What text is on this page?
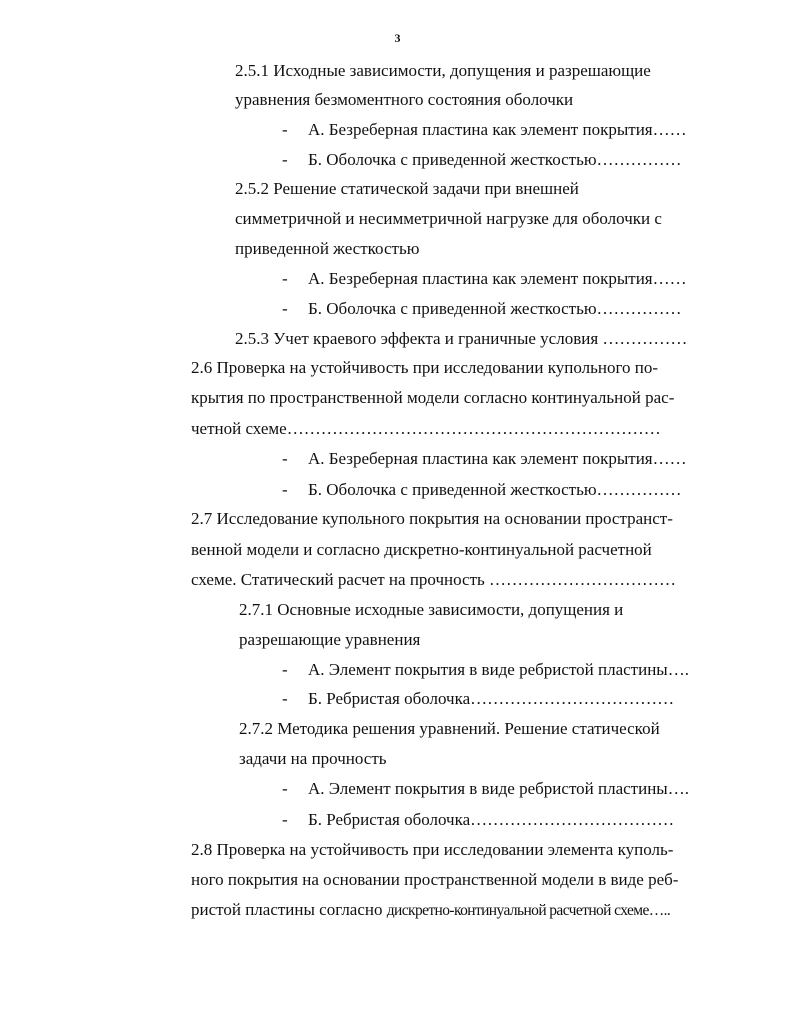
3
2.5.1 Исходные зависимости, допущения и разрешающие
уравнения безмоментного состояния оболочки
- А. Безреберная пластина как элемент покрытия……
- Б. Оболочка с приведенной жесткостью……………
2.5.2 Решение статической задачи при внешней
симметричной и несимметричной нагрузке для оболочки с
приведенной жесткостью
- А. Безреберная пластина как элемент покрытия……
- Б. Оболочка с приведенной жесткостью……………
2.5.3 Учет краевого эффекта и граничные условия ……………
2.6 Проверка на устойчивость при исследовании купольного по-
крытия по пространственной модели согласно континуальной рас-
четной схеме…………………………………………………………
- А. Безреберная пластина как элемент покрытия……
- Б. Оболочка с приведенной жесткостью……………
2.7 Исследование купольного покрытия на основании пространст-
венной модели и согласно дискретно-континуальной расчетной
схеме. Статический расчет на прочность ……………………………
2.7.1 Основные исходные зависимости, допущения и
разрешающие уравнения
- А. Элемент покрытия в виде ребристой пластины….
- Б. Ребристая оболочка………………………………
2.7.2 Методика решения уравнений. Решение статической
задачи на прочность
- А. Элемент покрытия в виде ребристой пластины….
- Б. Ребристая оболочка………………………………
2.8 Проверка на устойчивость при исследовании элемента куполь-
ного покрытия на основании пространственной модели в виде реб-
ристой пластины согласно дискретно-континуальной расчетной схеме…..
